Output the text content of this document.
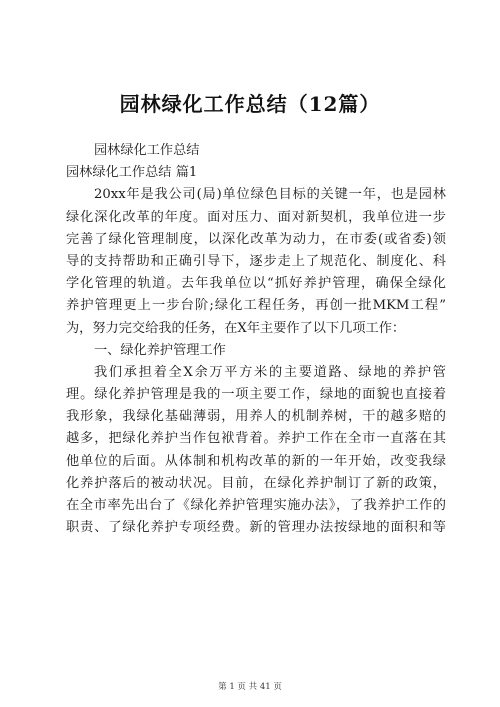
园林绿化工作总结（12篇）
园林绿化工作总结
园林绿化工作总结 篇1
20xx年是我公司(局)单位绿色目标的关键一年，也是园林
绿化深化改革的年度。面对压力、面对新契机，我单位进一步
完善了绿化管理制度，以深化改革为动力，在市委(或省委)领
导的支持帮助和正确引导下，逐步走上了规范化、制度化、科
学化管理的轨道。去年我单位以“抓好养护管理，确保全绿化
养护管理更上一步台阶;绿化工程任务，再创一批MKM工程”
为，努力完交给我的任务，在X年主要作了以下几项工作：
一、绿化养护管理工作
我们承担着全X余万平方米的主要道路、绿地的养护管
理。绿化养护管理是我的一项主要工作，绿地的面貌也直接着
我形象，我绿化基础薄弱，用养人的机制养树，干的越多赔的
越多，把绿化养护当作包袱背着。养护工作在全市一直落在其
他单位的后面。从体制和机构改革的新的一年开始，改变我绿
化养护落后的被动状况。目前，在绿化养护制订了新的政策，
在全市率先出台了《绿化养护管理实施办法》，了我养护工作的
职责、了绿化养护专项经费。新的管理办法按绿地的面积和等
第 1 页 共 41 页
